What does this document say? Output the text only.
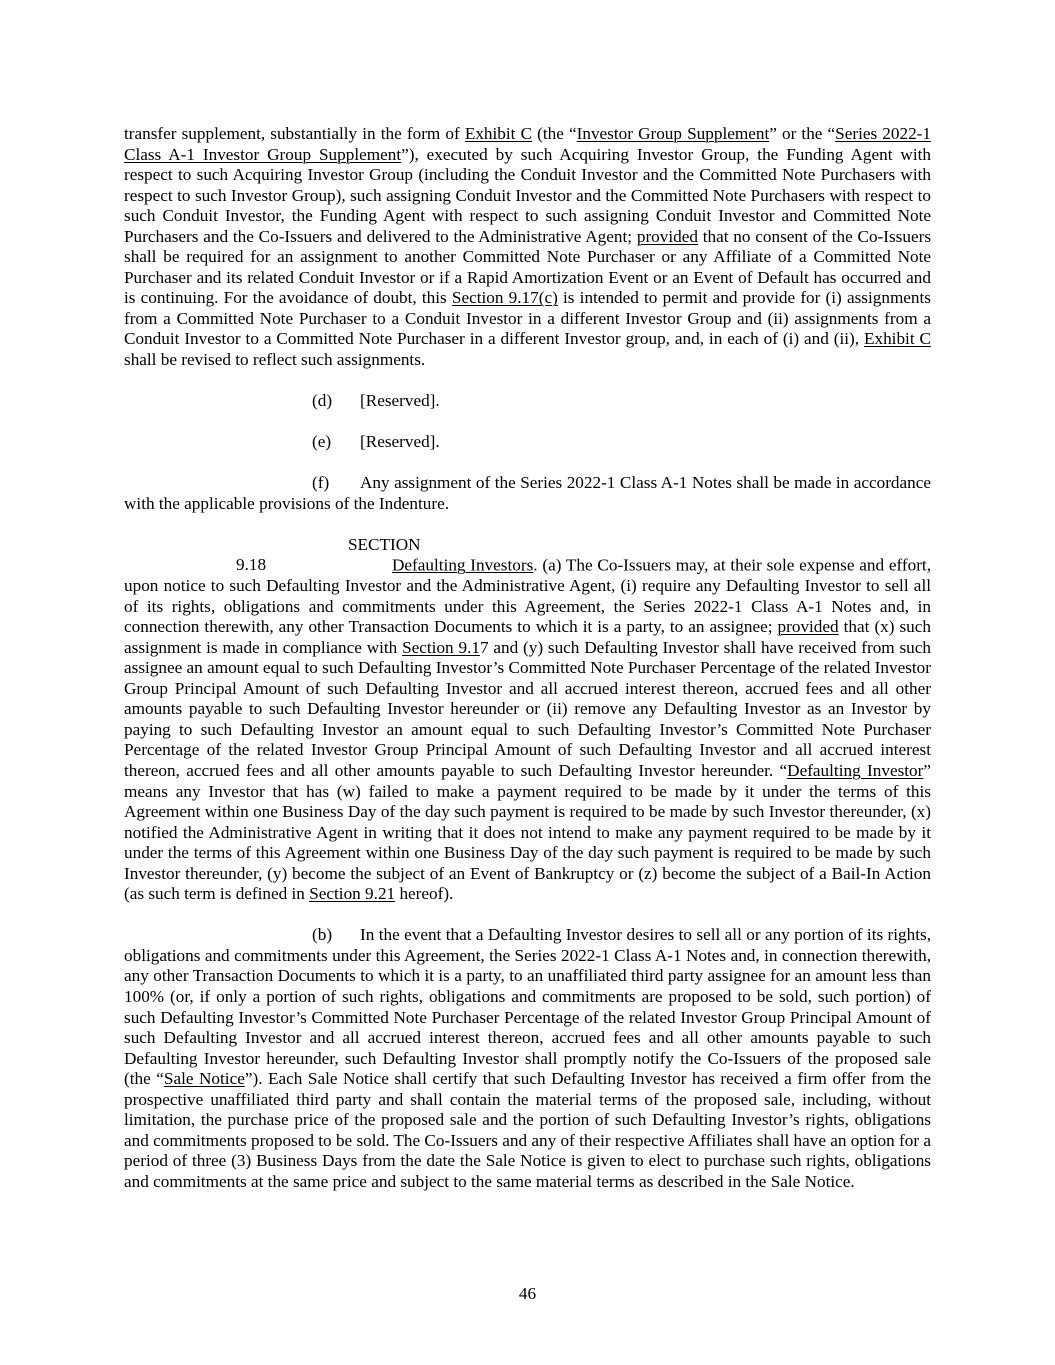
transfer supplement, substantially in the form of Exhibit C (the “Investor Group Supplement” or the “Series 2022-1 Class A-1 Investor Group Supplement”), executed by such Acquiring Investor Group, the Funding Agent with respect to such Acquiring Investor Group (including the Conduit Investor and the Committed Note Purchasers with respect to such Investor Group), such assigning Conduit Investor and the Committed Note Purchasers with respect to such Conduit Investor, the Funding Agent with respect to such assigning Conduit Investor and Committed Note Purchasers and the Co-Issuers and delivered to the Administrative Agent; provided that no consent of the Co-Issuers shall be required for an assignment to another Committed Note Purchaser or any Affiliate of a Committed Note Purchaser and its related Conduit Investor or if a Rapid Amortization Event or an Event of Default has occurred and is continuing. For the avoidance of doubt, this Section 9.17(c) is intended to permit and provide for (i) assignments from a Committed Note Purchaser to a Conduit Investor in a different Investor Group and (ii) assignments from a Conduit Investor to a Committed Note Purchaser in a different Investor group, and, in each of (i) and (ii), Exhibit C shall be revised to reflect such assignments.

(d) [Reserved].

(e) [Reserved].

(f) Any assignment of the Series 2022-1 Class A-1 Notes shall be made in accordance with the applicable provisions of the Indenture.

SECTION 9.18	Defaulting Investors. (a) The Co-Issuers may, at their sole expense and effort, upon notice to such Defaulting Investor and the Administrative Agent, (i) require any Defaulting Investor to sell all of its rights, obligations and commitments under this Agreement, the Series 2022-1 Class A-1 Notes and, in connection therewith, any other Transaction Documents to which it is a party, to an assignee; provided that (x) such assignment is made in compliance with Section 9.17 and (y) such Defaulting Investor shall have received from such assignee an amount equal to such Defaulting Investor’s Committed Note Purchaser Percentage of the related Investor Group Principal Amount of such Defaulting Investor and all accrued interest thereon, accrued fees and all other amounts payable to such Defaulting Investor hereunder or (ii) remove any Defaulting Investor as an Investor by paying to such Defaulting Investor an amount equal to such Defaulting Investor’s Committed Note Purchaser Percentage of the related Investor Group Principal Amount of such Defaulting Investor and all accrued interest thereon, accrued fees and all other amounts payable to such Defaulting Investor hereunder. “Defaulting Investor” means any Investor that has (w) failed to make a payment required to be made by it under the terms of this Agreement within one Business Day of the day such payment is required to be made by such Investor thereunder, (x) notified the Administrative Agent in writing that it does not intend to make any payment required to be made by it under the terms of this Agreement within one Business Day of the day such payment is required to be made by such Investor thereunder, (y) become the subject of an Event of Bankruptcy or (z) become the subject of a Bail-In Action (as such term is defined in Section 9.21 hereof).

(b) In the event that a Defaulting Investor desires to sell all or any portion of its rights, obligations and commitments under this Agreement, the Series 2022-1 Class A-1 Notes and, in connection therewith, any other Transaction Documents to which it is a party, to an unaffiliated third party assignee for an amount less than 100% (or, if only a portion of such rights, obligations and commitments are proposed to be sold, such portion) of such Defaulting Investor’s Committed Note Purchaser Percentage of the related Investor Group Principal Amount of such Defaulting Investor and all accrued interest thereon, accrued fees and all other amounts payable to such Defaulting Investor hereunder, such Defaulting Investor shall promptly notify the Co-Issuers of the proposed sale (the “Sale Notice”). Each Sale Notice shall certify that such Defaulting Investor has received a firm offer from the prospective unaffiliated third party and shall contain the material terms of the proposed sale, including, without limitation, the purchase price of the proposed sale and the portion of such Defaulting Investor’s rights, obligations and commitments proposed to be sold. The Co-Issuers and any of their respective Affiliates shall have an option for a period of three (3) Business Days from the date the Sale Notice is given to elect to purchase such rights, obligations and commitments at the same price and subject to the same material terms as described in the Sale Notice.

46
